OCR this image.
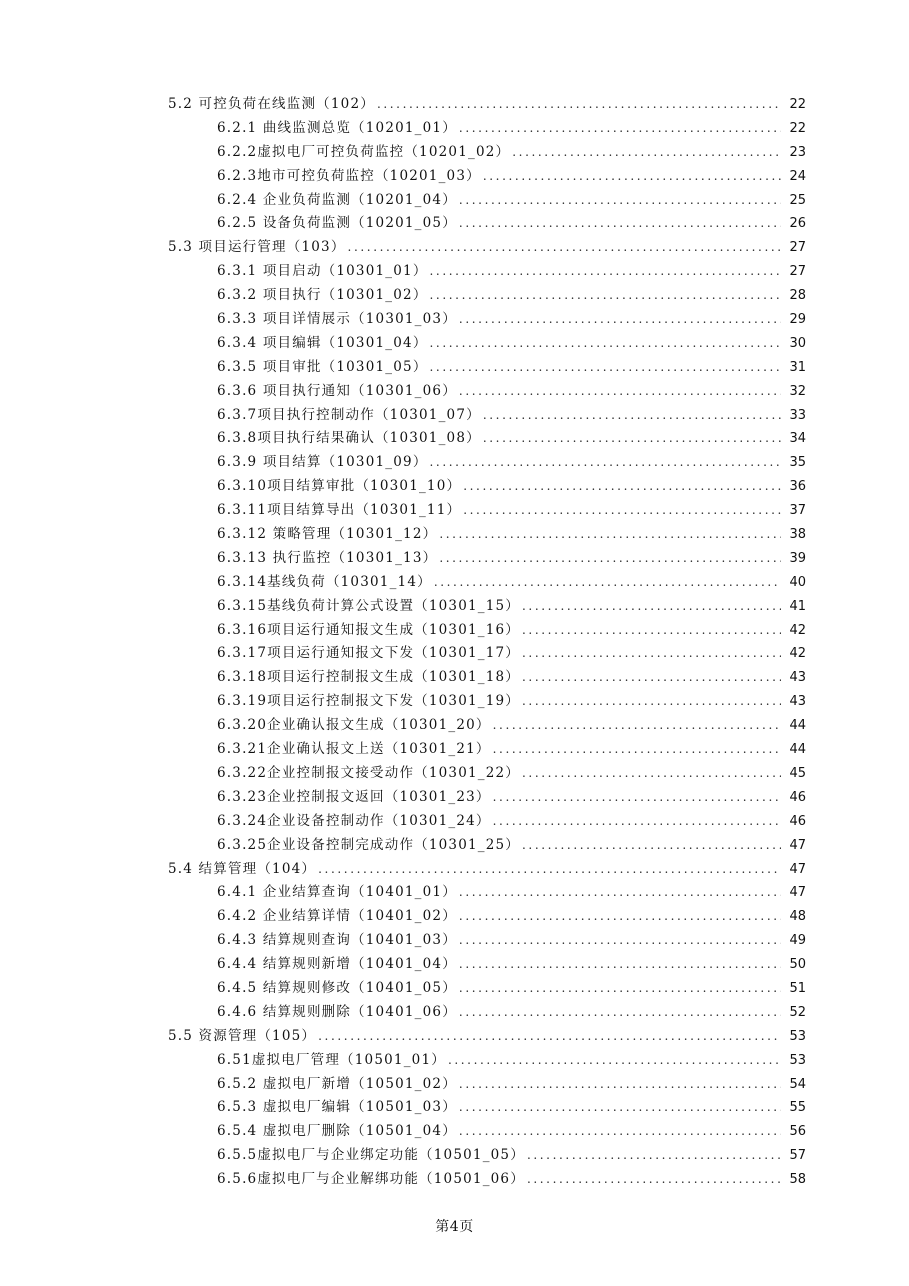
5.2 可控负荷在线监测（102） .....	22
6.2.1 曲线监测总览（10201_01） .....	22
6.2.2虚拟电厂可控负荷监控（10201_02） .....	23
6.2.3地市可控负荷监控（10201_03） .....	24
6.2.4 企业负荷监测（10201_04） .....	25
6.2.5 设备负荷监测（10201_05） .....	26
5.3 项目运行管理（103） .....	27
6.3.1 项目启动（10301_01） .....	27
6.3.2 项目执行（10301_02） .....	28
6.3.3 项目详情展示（10301_03） .....	29
6.3.4 项目编辑（10301_04） .....	30
6.3.5 项目审批（10301_05） .....	31
6.3.6 项目执行通知（10301_06） .....	32
6.3.7项目执行控制动作（10301_07） .....	33
6.3.8项目执行结果确认（10301_08） .....	34
6.3.9 项目结算（10301_09） .....	35
6.3.10项目结算审批（10301_10） .....	36
6.3.11项目结算导出（10301_11） .....	37
6.3.12 策略管理（10301_12） .....	38
6.3.13 执行监控（10301_13） .....	39
6.3.14基线负荷（10301_14） .....	40
6.3.15基线负荷计算公式设置（10301_15） .....	41
6.3.16项目运行通知报文生成（10301_16） .....	42
6.3.17项目运行通知报文下发（10301_17） .....	42
6.3.18项目运行控制报文生成（10301_18） .....	43
6.3.19项目运行控制报文下发（10301_19） .....	43
6.3.20企业确认报文生成（10301_20） .....	44
6.3.21企业确认报文上送（10301_21） .....	44
6.3.22企业控制报文接受动作（10301_22） .....	45
6.3.23企业控制报文返回（10301_23） .....	46
6.3.24企业设备控制动作（10301_24） .....	46
6.3.25企业设备控制完成动作（10301_25） .....	47
5.4 结算管理（104） .....	47
6.4.1 企业结算查询（10401_01） .....	47
6.4.2 企业结算详情（10401_02） .....	48
6.4.3 结算规则查询（10401_03） .....	49
6.4.4 结算规则新增（10401_04） .....	50
6.4.5 结算规则修改（10401_05） .....	51
6.4.6 结算规则删除（10401_06） .....	52
5.5 资源管理（105） .....	53
6.51虚拟电厂管理（10501_01） .....	53
6.5.2 虚拟电厂新增（10501_02） .....	54
6.5.3 虚拟电厂编辑（10501_03） .....	55
6.5.4 虚拟电厂删除（10501_04） .....	56
6.5.5虚拟电厂与企业绑定功能（10501_05） .....	57
6.5.6虚拟电厂与企业解绑功能（10501_06） .....	58
第4页
